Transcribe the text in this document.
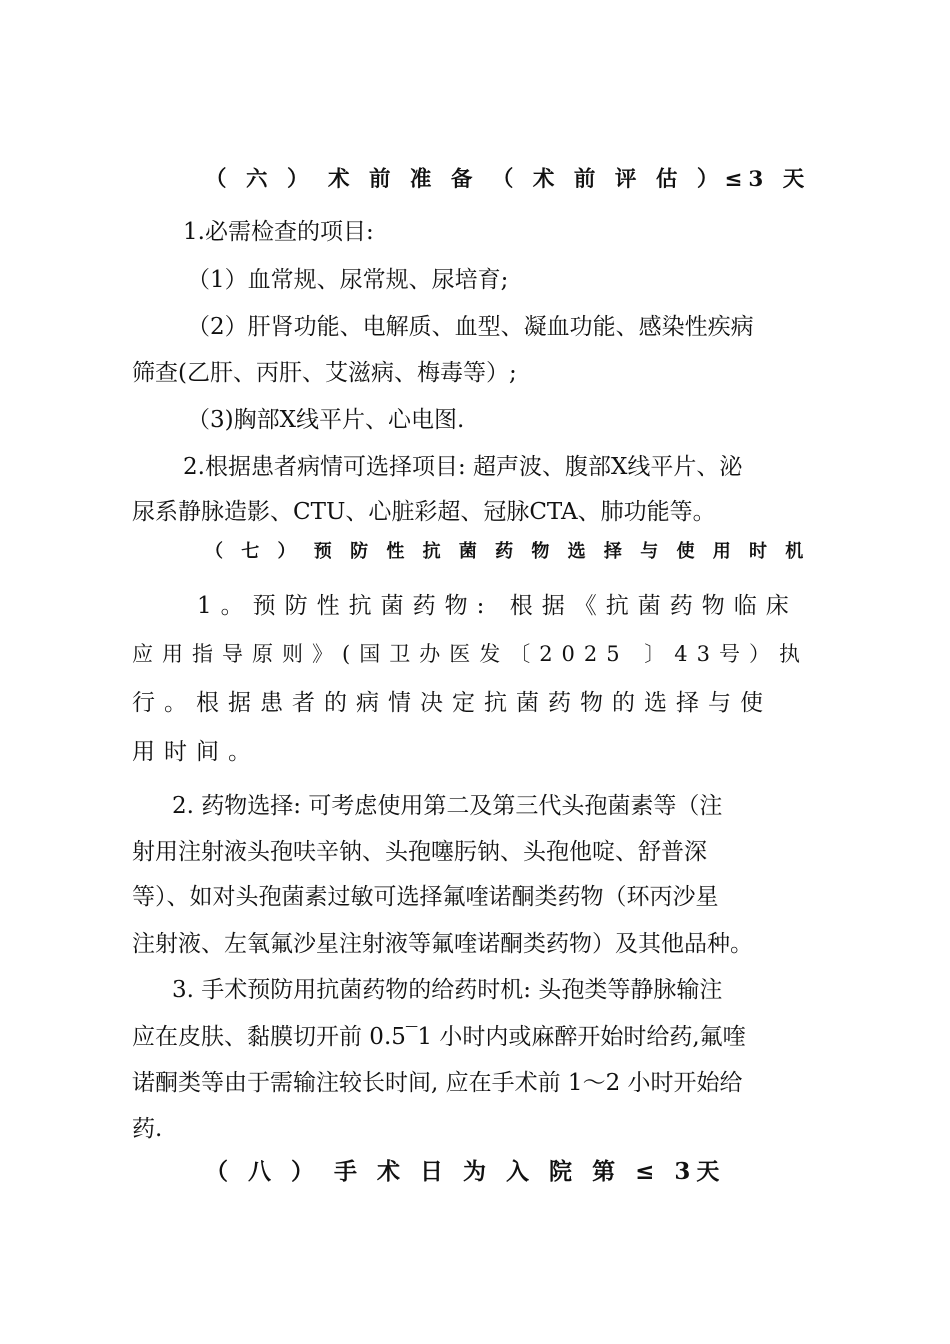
（ 六 ） 术 前 准 备 （ 术 前 评 估 ）≤3 天
1.必需检查的项目:
（1）血常规、尿常规、尿培育;
（2）肝肾功能、电解质、血型、凝血功能、感染性疾病
筛查(乙肝、丙肝、艾滋病、梅毒等）;
（3)胸部X线平片、心电图.
2.根据患者病情可选择项目: 超声波、腹部X线平片、泌
尿系静脉造影、CTU、心脏彩超、冠脉CTA、肺功能等。
（ 七 ） 预 防 性 抗 菌 药 物 选 择 与 使 用 时 机
1。预防性抗菌药物: 根据《抗菌药物临床
应用指导原则》(国卫办医发〔2025 〕43号）执
行。根据患者的病情决定抗菌药物的选择与使
用时间。
2. 药物选择: 可考虑使用第二及第三代头孢菌素等（注
射用注射液头孢呋辛钠、头孢噻肟钠、头孢他啶、舒普深
等）、如对头孢菌素过敏可选择氟喹诺酮类药物（环丙沙星
注射液、左氧氟沙星注射液等氟喹诺酮类药物）及其他品种。
3. 手术预防用抗菌药物的给药时机: 头孢类等静脉输注
应在皮肤、黏膜切开前 0.5‾1 小时内或麻醉开始时给药,氟喹
诺酮类等由于需输注较长时间, 应在手术前 1～2 小时开始给
药.
（ 八 ） 手 术 日 为 入 院 第 ≤ 3天
